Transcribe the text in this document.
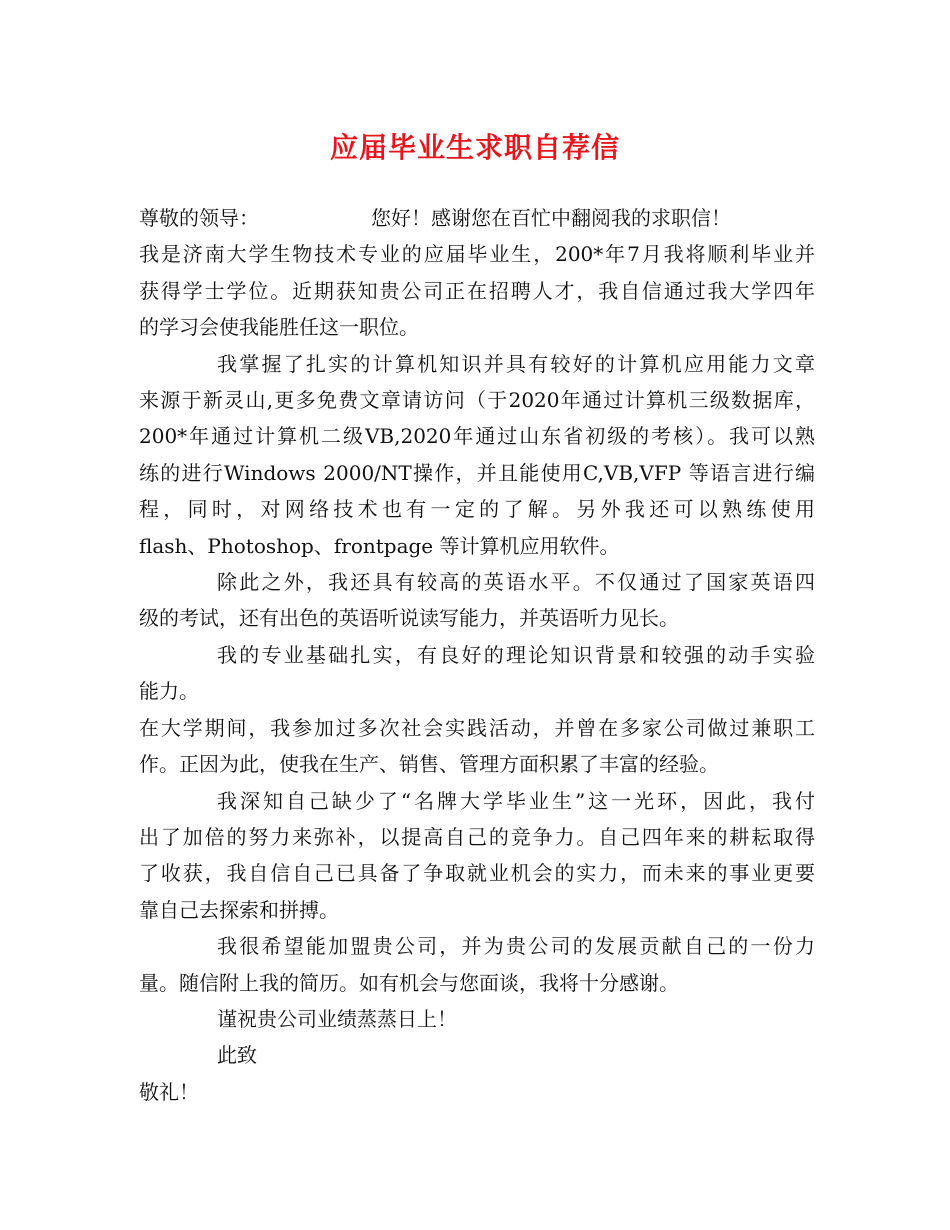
应届毕业生求职自荐信
尊敬的领导：	您好！感谢您在百忙中翻阅我的求职信！
我是济南大学生物技术专业的应届毕业生，200*年7月我将顺利毕业并
获得学士学位。近期获知贵公司正在招聘人才，我自信通过我大学四年
的学习会使我能胜任这一职位。
我掌握了扎实的计算机知识并具有较好的计算机应用能力文章
来源于新灵山,更多免费文章请访问（于2020年通过计算机三级数据库，
200*年通过计算机二级VB,2020年通过山东省初级的考核）。我可以熟
练的进行Windows 2000/NT操作，并且能使用C,VB,VFP 等语言进行编
程，同时，对网络技术也有一定的了解。另外我还可以熟练使用
flash、Photoshop、frontpage 等计算机应用软件。
除此之外，我还具有较高的英语水平。不仅通过了国家英语四
级的考试，还有出色的英语听说读写能力，并英语听力见长。
我的专业基础扎实，有良好的理论知识背景和较强的动手实验
能力。
在大学期间，我参加过多次社会实践活动，并曾在多家公司做过兼职工
作。正因为此，使我在生产、销售、管理方面积累了丰富的经验。
我深知自己缺少了“名牌大学毕业生”这一光环，因此，我付
出了加倍的努力来弥补，以提高自己的竞争力。自己四年来的耕耘取得
了收获，我自信自己已具备了争取就业机会的实力，而未来的事业更要
靠自己去探索和拼搏。
我很希望能加盟贵公司，并为贵公司的发展贡献自己的一份力
量。随信附上我的简历。如有机会与您面谈，我将十分感谢。
谨祝贵公司业绩蒸蒸日上！
此致
敬礼！
